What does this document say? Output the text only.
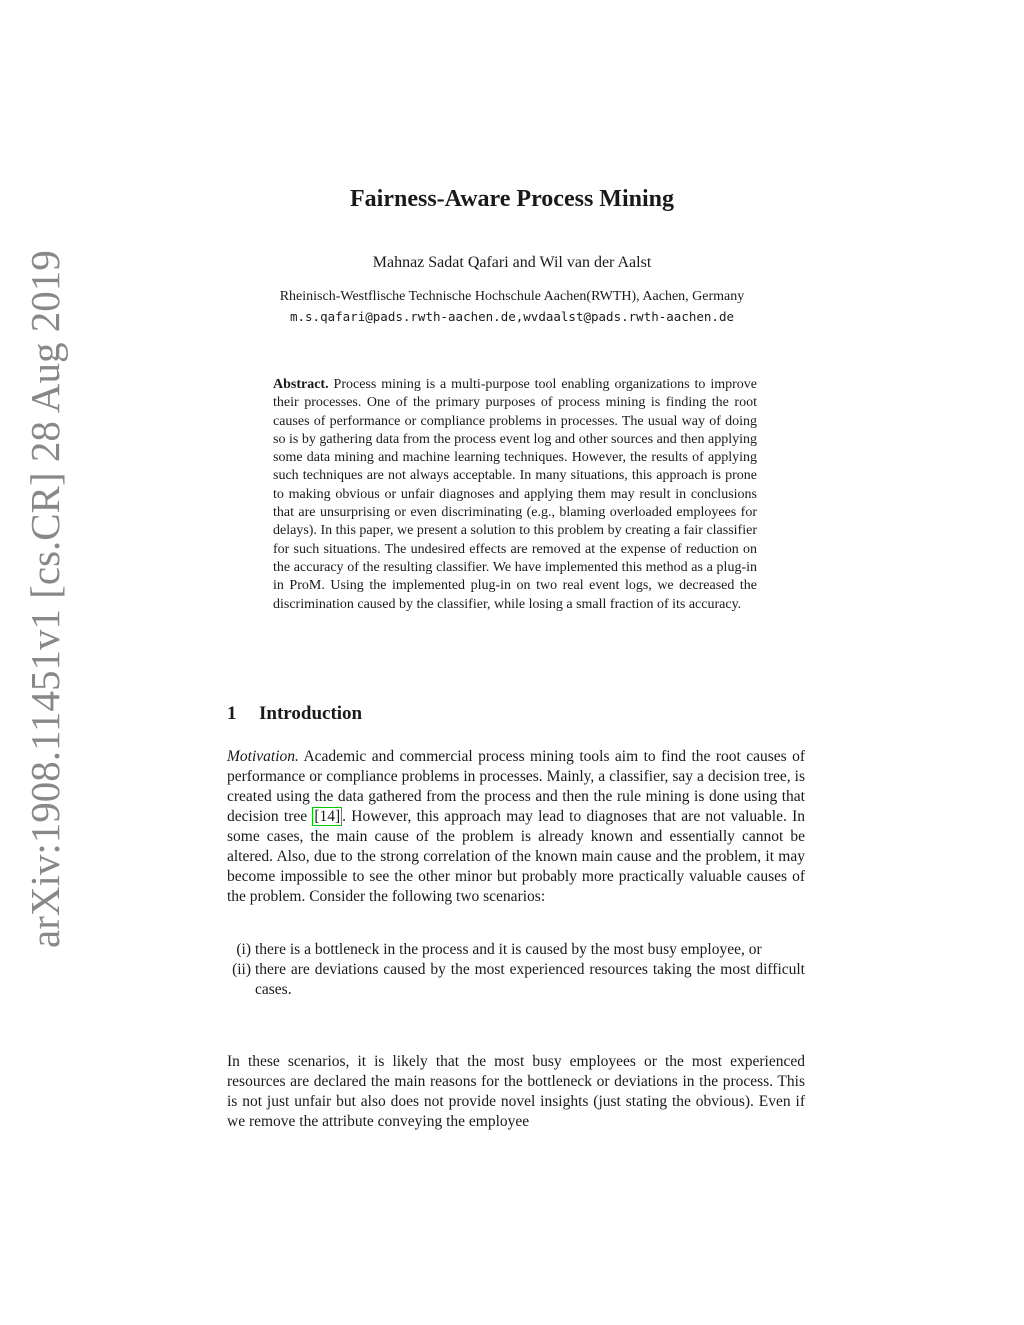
arXiv:1908.11451v1 [cs.CR] 28 Aug 2019
Fairness-Aware Process Mining
Mahnaz Sadat Qafari and Wil van der Aalst
Rheinisch-Westflische Technische Hochschule Aachen(RWTH), Aachen, Germany
m.s.qafari@pads.rwth-aachen.de,wvdaalst@pads.rwth-aachen.de
Abstract. Process mining is a multi-purpose tool enabling organizations to improve their processes. One of the primary purposes of process mining is finding the root causes of performance or compliance problems in processes. The usual way of doing so is by gathering data from the process event log and other sources and then applying some data mining and machine learning techniques. However, the results of applying such techniques are not always acceptable. In many situations, this approach is prone to making obvious or unfair diagnoses and applying them may result in conclusions that are unsurprising or even discriminating (e.g., blaming overloaded employees for delays). In this paper, we present a solution to this problem by creating a fair classifier for such situations. The undesired effects are removed at the expense of reduction on the accuracy of the resulting classifier. We have implemented this method as a plug-in in ProM. Using the implemented plug-in on two real event logs, we decreased the discrimination caused by the classifier, while losing a small fraction of its accuracy.
1 Introduction
Motivation. Academic and commercial process mining tools aim to find the root causes of performance or compliance problems in processes. Mainly, a classifier, say a decision tree, is created using the data gathered from the process and then the rule mining is done using that decision tree [14] . However, this approach may lead to diagnoses that are not valuable. In some cases, the main cause of the problem is already known and essentially cannot be altered. Also, due to the strong correlation of the known main cause and the problem, it may become impossible to see the other minor but probably more practically valuable causes of the problem. Consider the following two scenarios:
(i) there is a bottleneck in the process and it is caused by the most busy employee, or
(ii) there are deviations caused by the most experienced resources taking the most difficult cases.
In these scenarios, it is likely that the most busy employees or the most experienced resources are declared the main reasons for the bottleneck or deviations in the process. This is not just unfair but also does not provide novel insights (just stating the obvious). Even if we remove the attribute conveying the employee
